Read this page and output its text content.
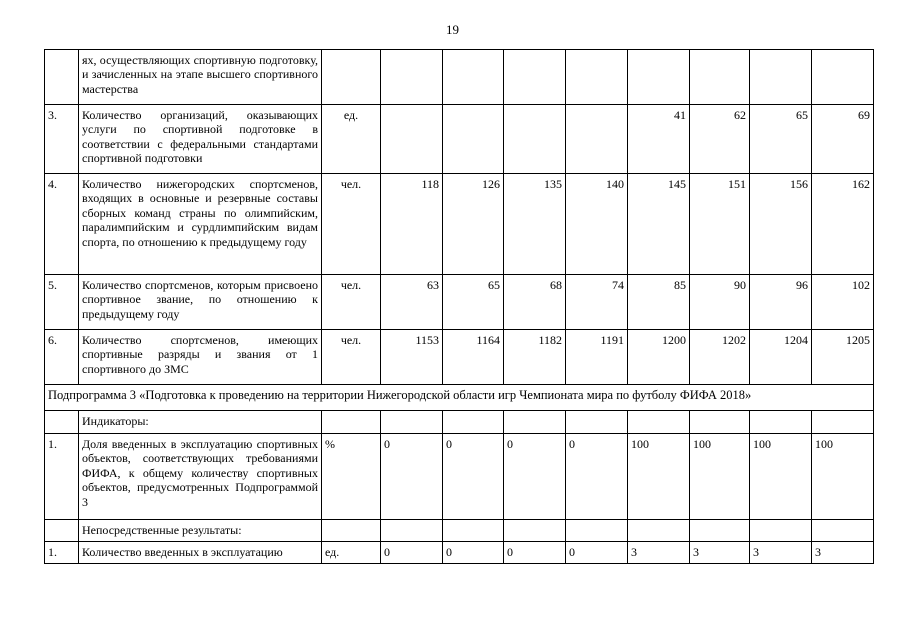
19
	ях, осуществляющих спортивную подготовку, и зачисленных на этапе высшего спортивного мастерства									
3.	Количество организаций, оказывающих услуги по спортивной подготовке в соответствии с федеральными стандартами спортивной подготовки	ед.					41	62	65	69
4.	Количество нижегородских спортсменов, входящих в основные и резервные составы сборных команд страны по олимпийским, паралимпийским и сурдлимпийским видам спорта, по отношению к предыдущему году	чел.	118	126	135	140	145	151	156	162
5.	Количество спортсменов, которым присвоено спортивное звание, по отношению к предыдущему году	чел.	63	65	68	74	85	90	96	102
6.	Количество спортсменов, имеющих спортивные разряды и звания от 1 спортивного до ЗМС	чел.	1153	1164	1182	1191	1200	1202	1204	1205
Подпрограмма 3 «Подготовка к проведению на территории Нижегородской области игр Чемпионата мира по футболу ФИФА 2018»										
	Индикаторы:									
1.	Доля введенных в эксплуатацию спортивных объектов, соответствующих требованиями ФИФА, к общему количеству спортивных объектов, предусмотренных Подпрограммой 3	%	0	0	0	0	100	100	100	100
	Непосредственные результаты:									
1.	Количество введенных в эксплуатацию	ед.	0	0	0	0	3	3	3	3
